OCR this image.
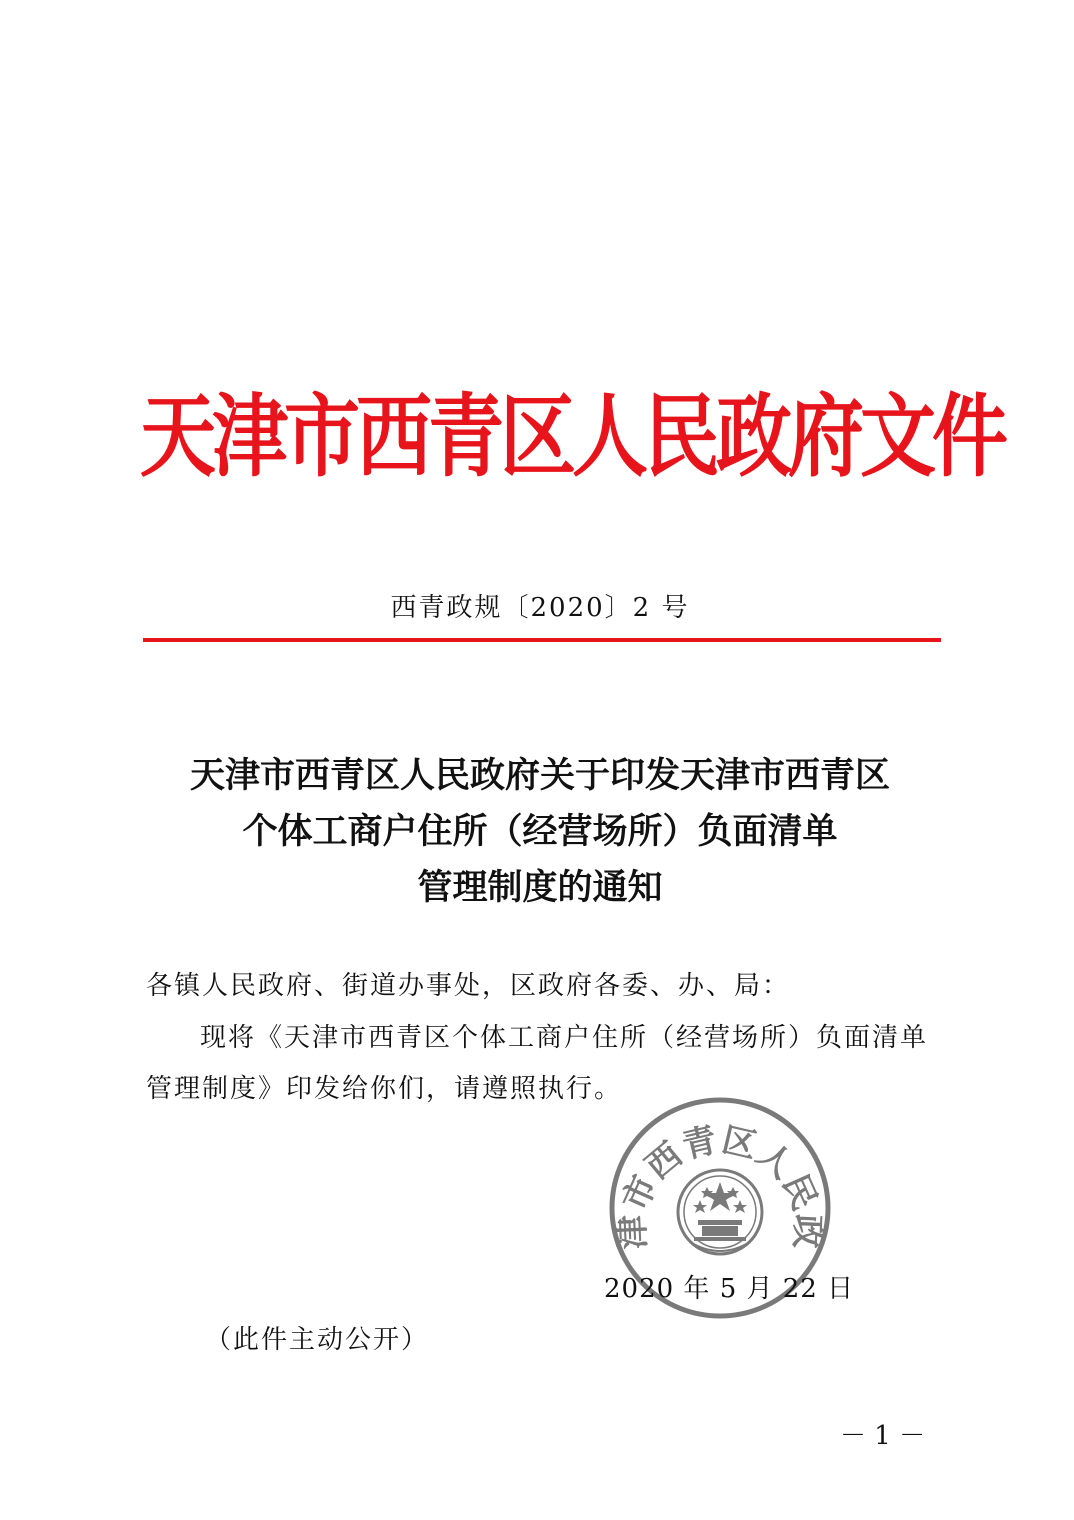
天津市西青区人民政府文件
西青政规〔2020〕2 号
天津市西青区人民政府关于印发天津市西青区
个体工商户住所（经营场所）负面清单
管理制度的通知
各镇人民政府、街道办事处，区政府各委、办、局：
现将《天津市西青区个体工商户住所（经营场所）负面清单
管理制度》印发给你们，请遵照执行。
津市西青区人民政
2020 年 5 月 22 日
（此件主动公开）
－ 1 －
